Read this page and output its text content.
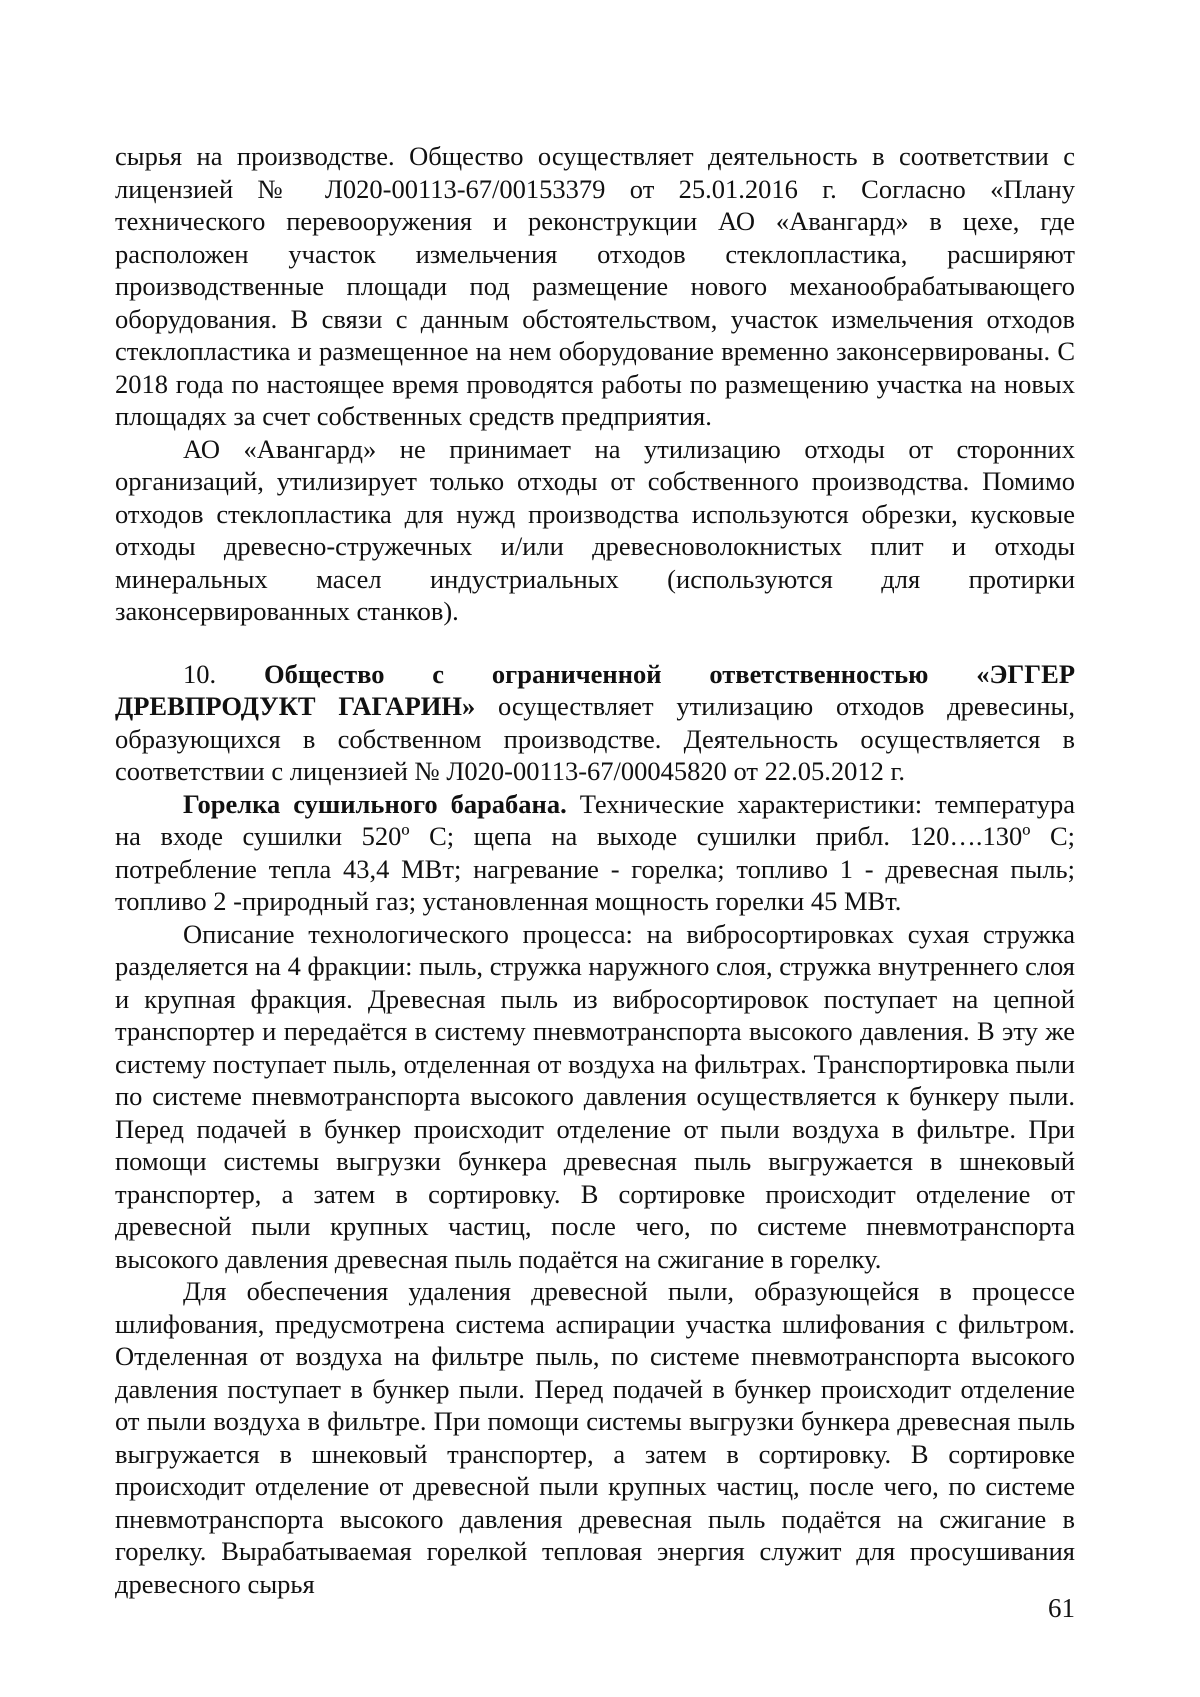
сырья на производстве. Общество осуществляет деятельность в соответствии с лицензией № Л020-00113-67/00153379 от 25.01.2016 г. Согласно «Плану технического перевооружения и реконструкции АО «Авангард» в цехе, где расположен участок измельчения отходов стеклопластика, расширяют производственные площади под размещение нового механообрабатывающего оборудования. В связи с данным обстоятельством, участок измельчения отходов стеклопластика и размещенное на нем оборудование временно законсервированы. С 2018 года по настоящее время проводятся работы по размещению участка на новых площадях за счет собственных средств предприятия.

АО «Авангард» не принимает на утилизацию отходы от сторонних организаций, утилизирует только отходы от собственного производства. Помимо отходов стеклопластика для нужд производства используются обрезки, кусковые отходы древесно-стружечных и/или древесноволокнистых плит и отходы минеральных масел индустриальных (используются для протирки законсервированных станков).

10. Общество с ограниченной ответственностью «ЭГГЕР ДРЕВПРОДУКТ ГАГАРИН» осуществляет утилизацию отходов древесины, образующихся в собственном производстве. Деятельность осуществляется в соответствии с лицензией № Л020-00113-67/00045820 от 22.05.2012 г.

Горелка сушильного барабана. Технические характеристики: температура на входе сушилки 520º С; щепа на выходе сушилки прибл. 120….130º С; потребление тепла 43,4 МВт; нагревание - горелка; топливо 1 - древесная пыль; топливо 2 -природный газ; установленная мощность горелки 45 МВт.

Описание технологического процесса: на вибросортировках сухая стружка разделяется на 4 фракции: пыль, стружка наружного слоя, стружка внутреннего слоя и крупная фракция. Древесная пыль из вибросортировок поступает на цепной транспортер и передаётся в систему пневмотранспорта высокого давления. В эту же систему поступает пыль, отделенная от воздуха на фильтрах. Транспортировка пыли по системе пневмотранспорта высокого давления осуществляется к бункеру пыли. Перед подачей в бункер происходит отделение от пыли воздуха в фильтре. При помощи системы выгрузки бункера древесная пыль выгружается в шнековый транспортер, а затем в сортировку. В сортировке происходит отделение от древесной пыли крупных частиц, после чего, по системе пневмотранспорта высокого давления древесная пыль подаётся на сжигание в горелку.

Для обеспечения удаления древесной пыли, образующейся в процессе шлифования, предусмотрена система аспирации участка шлифования с фильтром. Отделенная от воздуха на фильтре пыль, по системе пневмотранспорта высокого давления поступает в бункер пыли. Перед подачей в бункер происходит отделение от пыли воздуха в фильтре. При помощи системы выгрузки бункера древесная пыль выгружается в шнековый транспортер, а затем в сортировку. В сортировке происходит отделение от древесной пыли крупных частиц, после чего, по системе пневмотранспорта высокого давления древесная пыль подаётся на сжигание в горелку. Вырабатываемая горелкой тепловая энергия служит для просушивания древесного сырья

61
